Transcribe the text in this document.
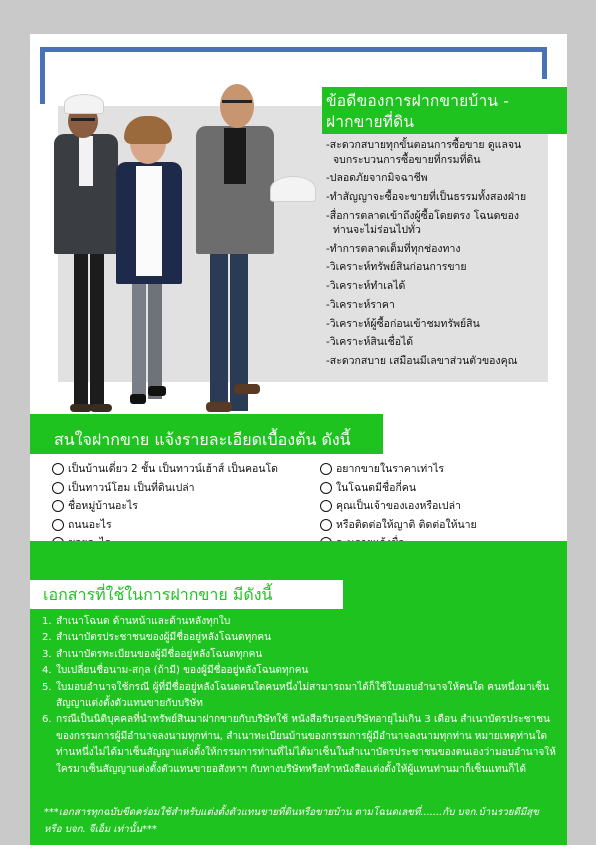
ข้อดีของการฝากขายบ้าน -
ฝากขายที่ดิน
-สะดวกสบายทุกขั้นตอนการซื้อขาย ดูแลจน
จบกระบวนการซื้อขายที่กรมที่ดิน
-ปลอดภัยจากมิจฉาชีพ
-ทำสัญญาจะซื้อจะขายที่เป็นธรรมทั้งสองฝ่าย
-สื่อการตลาดเข้าถึงผู้ซื้อโดยตรง โฉนดของ
ท่านจะไม่ร่อนไปทั่ว
-ทำการตลาดเต็มที่ทุกช่องทาง
-วิเคราะห์ทรัพย์สินก่อนการขาย
-วิเคราะห์ทำเลได้
-วิเคราะห์ราคา
-วิเคราะห์ผู้ซื้อก่อนเข้าชมทรัพย์สิน
-วิเคราะห์สินเชื่อได้
-สะดวกสบาย เสมือนมีเลขาส่วนตัวของคุณ
สนใจฝากขาย แจ้งรายละเอียดเบื้องต้น ดังนี้
เป็นบ้านเดี่ยว 2 ชั้น เป็นทาวน์เฮ้าส์ เป็นคอนโด
เป็นทาวน์โฮม เป็นที่ดินเปล่า
ชื่อหมู่บ้านอะไร
ถนนอะไร
อยากขายในราคาเท่าไร
ในโฉนดมีชื่อกี่คน
คุณเป็นเจ้าของเองหรือเปล่า
หรือติดต่อให้ญาติ ติดต่อให้นาย
เอกสารที่ใช้ในการฝากขาย มีดังนี้
1. สำเนาโฉนด ด้านหน้าและด้านหลังทุกใบ
2. สำเนาบัตรประชาชนของผู้มีชื่ออยู่หลังโฉนดทุกคน
3. สำเนาบัตรทะเบียนของผู้มีชื่ออยู่หลังโฉนดทุกคน
4. ใบเปลี่ยนชื่อนาม-สกุล (ถ้ามี) ของผู้มีชื่ออยู่หลังโฉนดทุกคน
5. ใบมอบอำนาจใช้กรณี ผู้ที่มีชื่ออยู่หลังโฉนดคนใดคนหนึ่งไม่สามารถมาได้ก็ใช้ใบมอบอำนาจให้คนใด คนหนึ่งมาเซ็นสัญญาแต่งตั้งตัวแทนขายกับบริษัท
6. กรณีเป็นนิติบุคคลที่นำทรัพย์สินมาฝากขายกับบริษัทใช้ หนังสือรับรองบริษัทอายุไม่เกิน 3 เดือน สำเนาบัตรประชาชนของกรรมการผู้มีอำนาจลงนามทุกท่าน, สำเนาทะเบียนบ้านของกรรมการผู้มีอำนาจลงนามทุกท่าน หมายเหตุท่านใดท่านหนึ่งไม่ได้มาเซ็นสัญญาแต่งตั้งให้กรรมการท่านที่ไม่ได้มาเซ็นในสำเนาบัตรประชาชนของตนเองว่ามอบอำนาจให้ใครมาเซ็นสัญญาแต่งตั้งตัวแทนขายอสังหาฯ กับทางบริษัทหรือทำหนังสือแต่งตั้งให้ผู้แทนท่านมาก็เซ็นแทนก็ได้
***เอกสารทุกฉบับขีดคร่อมใช้สำหรับแต่งตั้งตัวแทนขายที่ดินหรือขายบ้าน ตามโฉนดเลขที่.......กับ บจก.บ้านรวยดีมีสุข หรือ บจก. จีเอ็ม เท่านั้น***
